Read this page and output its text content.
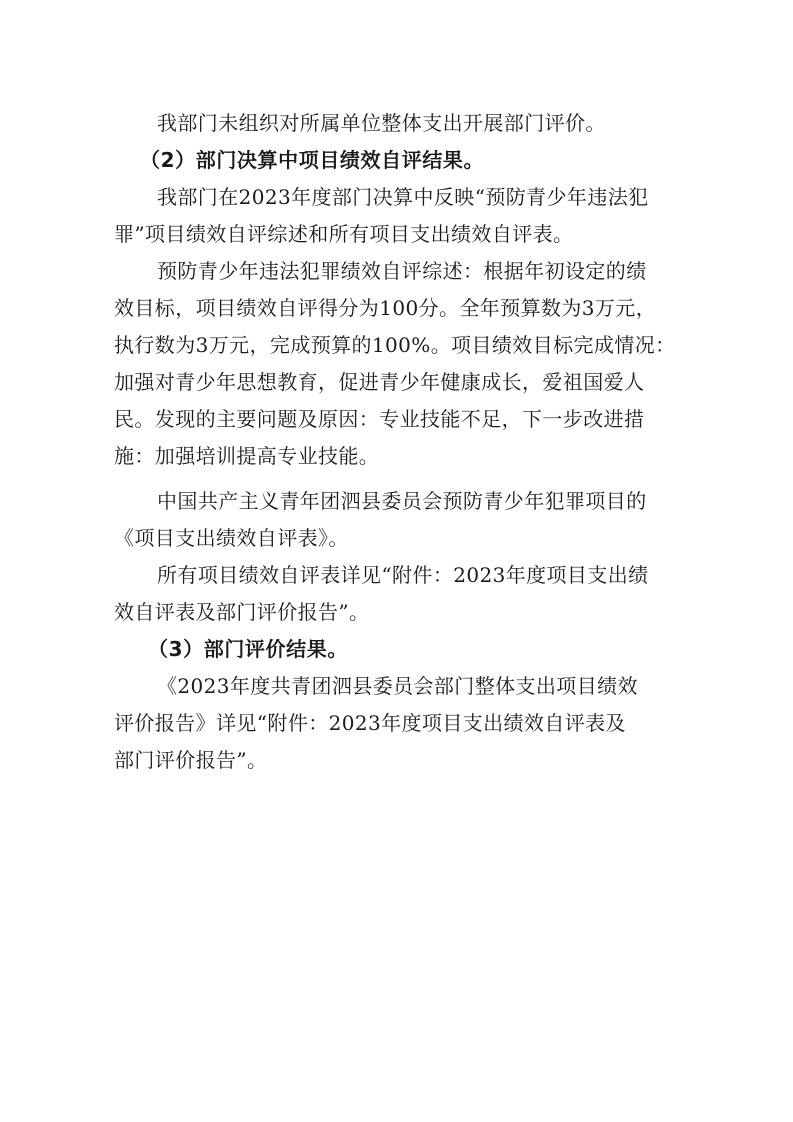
我部门未组织对所属单位整体支出开展部门评价。
（2）部门决算中项目绩效自评结果。
我部门在2023年度部门决算中反映“预防青少年违法犯
罪”项目绩效自评综述和所有项目支出绩效自评表。
预防青少年违法犯罪绩效自评综述：根据年初设定的绩
效目标，项目绩效自评得分为100分。全年预算数为3万元，
执行数为3万元，完成预算的100%。项目绩效目标完成情况：
加强对青少年思想教育，促进青少年健康成长，爱祖国爱人
民。发现的主要问题及原因：专业技能不足，下一步改进措
施：加强培训提高专业技能。
中国共产主义青年团泗县委员会预防青少年犯罪项目的
《项目支出绩效自评表》。
所有项目绩效自评表详见“附件：2023年度项目支出绩
效自评表及部门评价报告”。
（3）部门评价结果。
《2023年度共青团泗县委员会部门整体支出项目绩效
评价报告》详见“附件：2023年度项目支出绩效自评表及
部门评价报告”。
